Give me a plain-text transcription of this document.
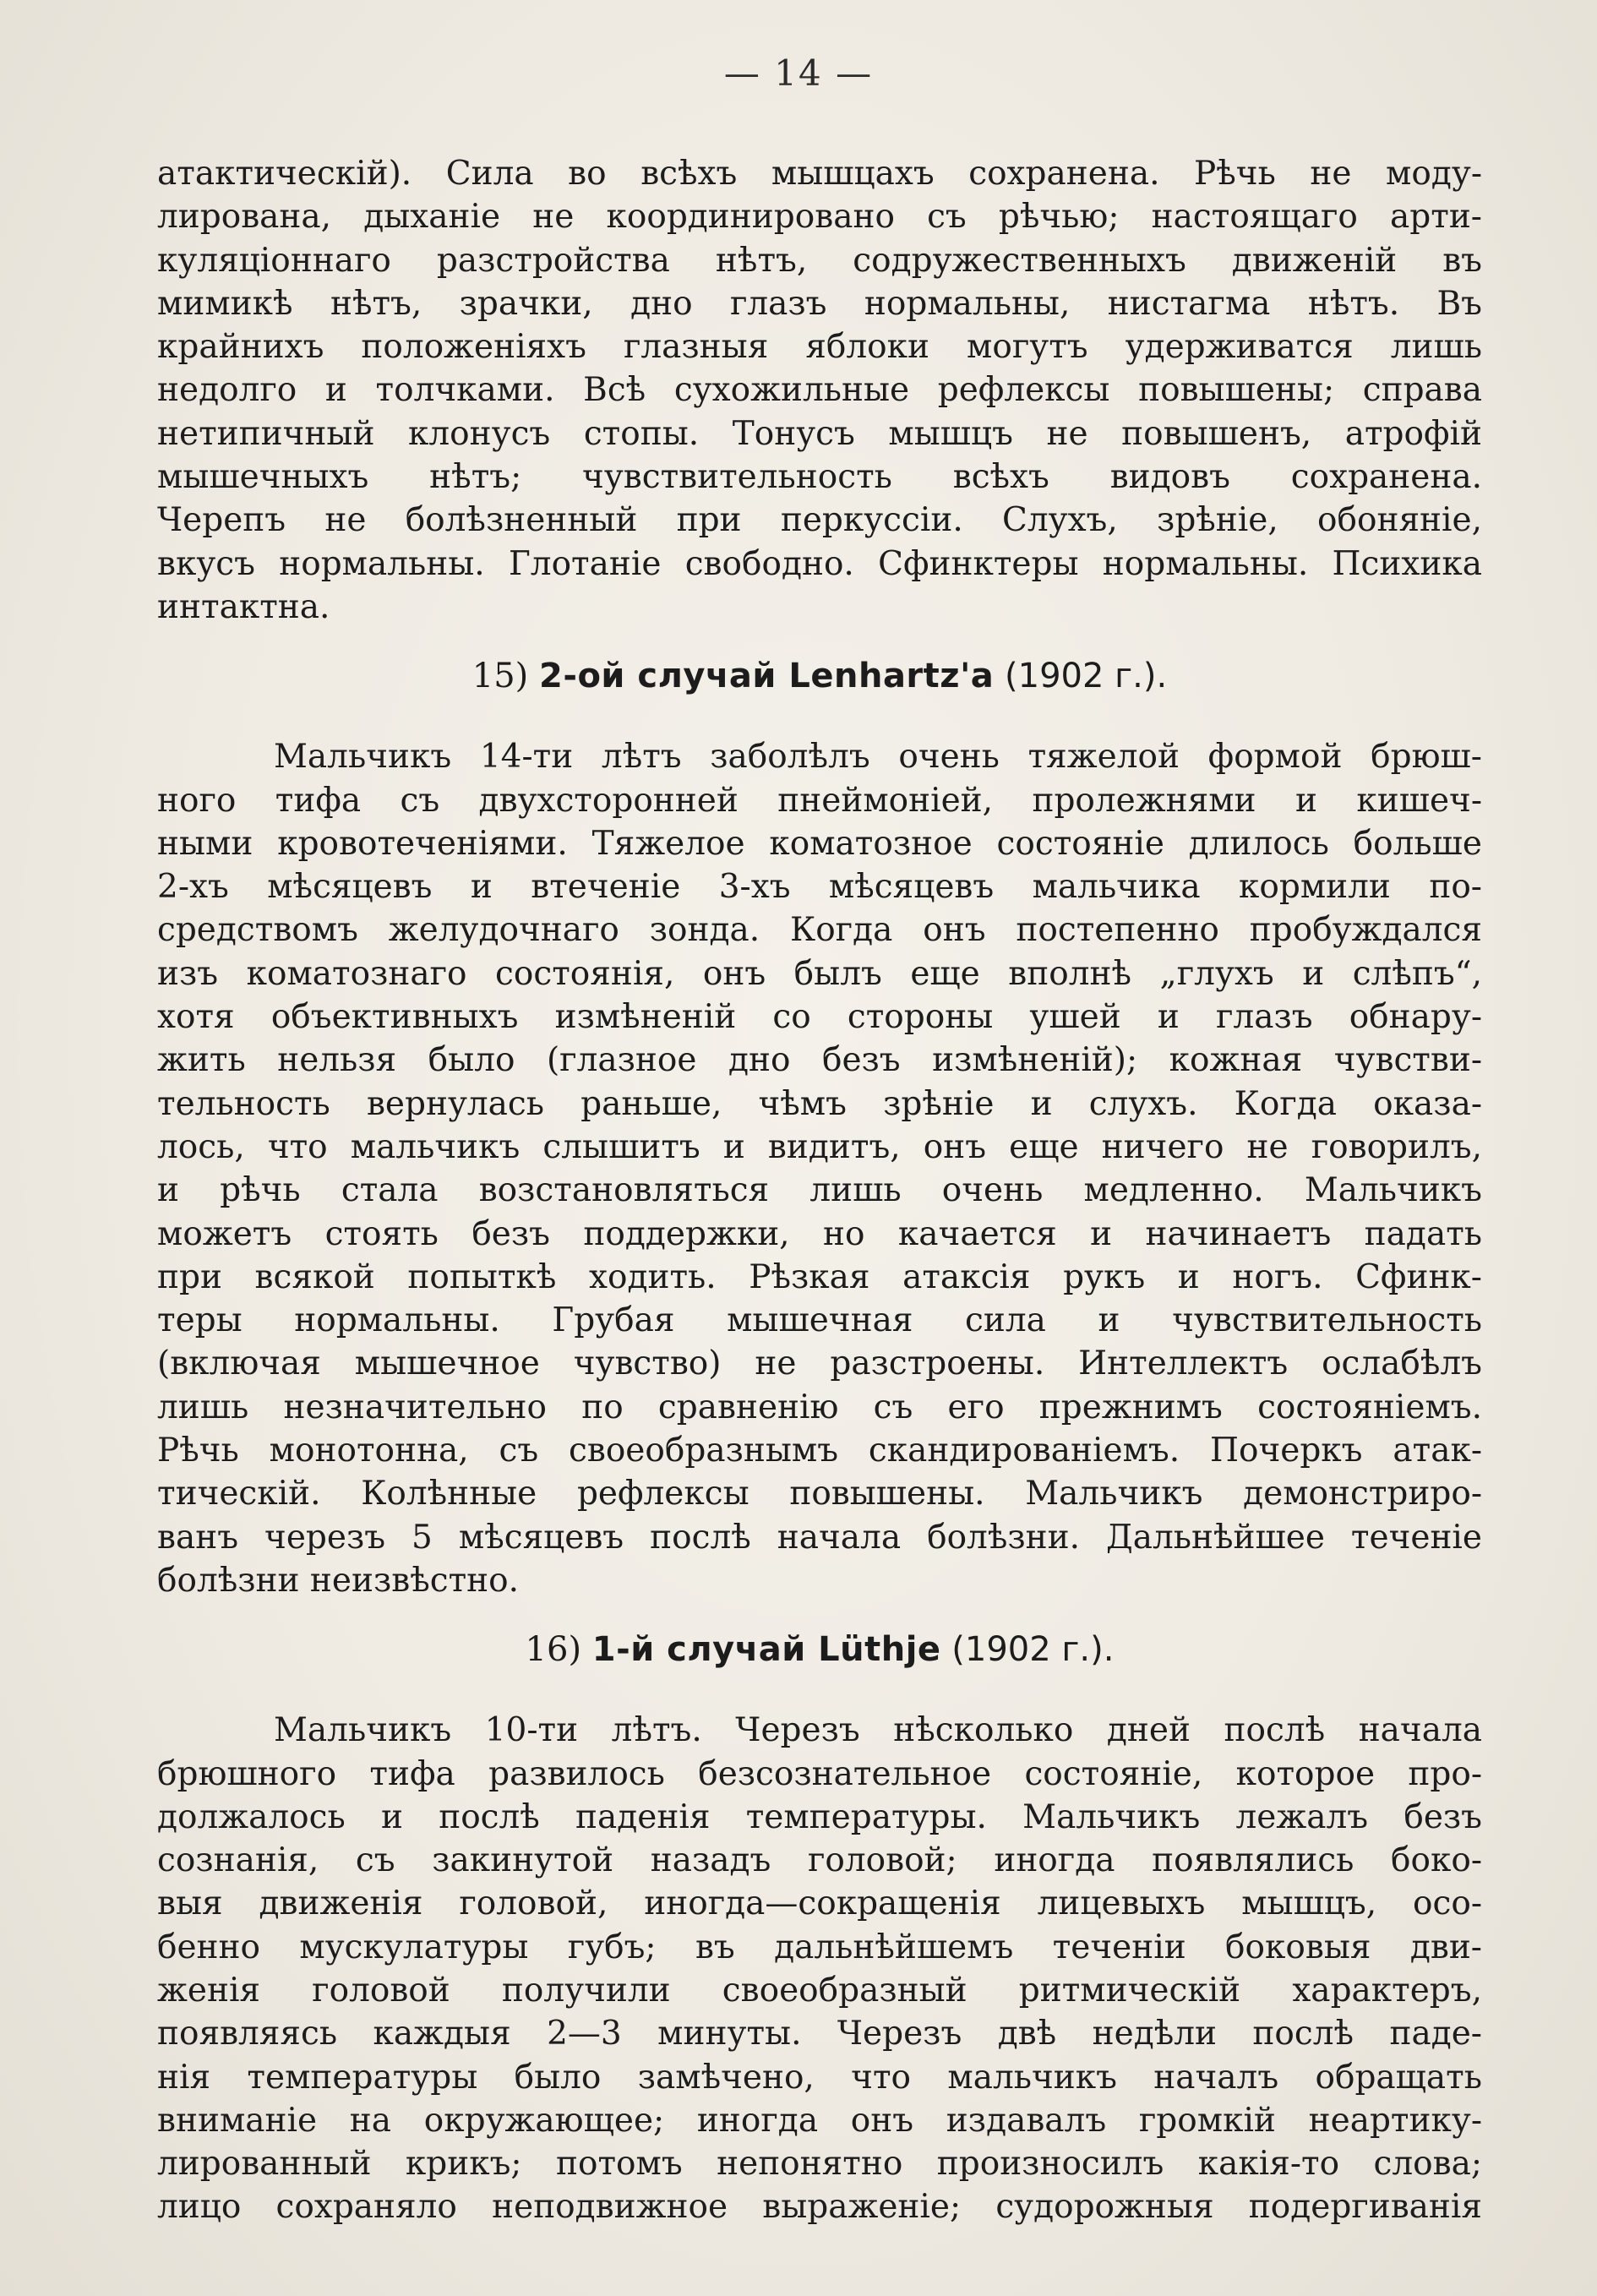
— 14 —
атактическій). Сила во всѣхъ мышцахъ сохранена. Рѣчь не моду-
лирована, дыханіе не координировано съ рѣчью; настоящаго арти-
куляціоннаго разстройства нѣтъ, содружественныхъ движеній въ
мимикѣ нѣтъ, зрачки, дно глазъ нормальны, нистагма нѣтъ. Въ
крайнихъ положеніяхъ глазныя яблоки могутъ удерживатся лишь
недолго и толчками. Всѣ сухожильные рефлексы повышены; справа
нетипичный клонусъ стопы. Тонусъ мышцъ не повышенъ, атрофій
мышечныхъ нѣтъ; чувствительность всѣхъ видовъ сохранена.
Черепъ не болѣзненный при перкуссіи. Слухъ, зрѣніе, обоняніе,
вкусъ нормальны. Глотаніе свободно. Сфинктеры нормальны. Психика
интактна.
15) 2-ой случай Lenhartz'a (1902 г.).
Мальчикъ 14-ти лѣтъ заболѣлъ очень тяжелой формой брюш-
ного тифа съ двухсторонней пнеймоніей, пролежнями и кишеч-
ными кровотеченіями. Тяжелое коматозное состояніе длилось больше
2-хъ мѣсяцевъ и втеченіе 3-хъ мѣсяцевъ мальчика кормили по-
средствомъ желудочнаго зонда. Когда онъ постепенно пробуждался
изъ коматознаго состоянія, онъ былъ еще вполнѣ „глухъ и слѣпъ“,
хотя объективныхъ измѣненій со стороны ушей и глазъ обнару-
жить нельзя было (глазное дно безъ измѣненій); кожная чувстви-
тельность вернулась раньше, чѣмъ зрѣніе и слухъ. Когда оказа-
лось, что мальчикъ слышитъ и видитъ, онъ еще ничего не говорилъ,
и рѣчь стала возстановляться лишь очень медленно. Мальчикъ
можетъ стоять безъ поддержки, но качается и начинаетъ падать
при всякой попыткѣ ходить. Рѣзкая атаксія рукъ и ногъ. Сфинк-
теры нормальны. Грубая мышечная сила и чувствительность
(включая мышечное чувство) не разстроены. Интеллектъ ослабѣлъ
лишь незначительно по сравненію съ его прежнимъ состояніемъ.
Рѣчь монотонна, съ своеобразнымъ скандированіемъ. Почеркъ атак-
тическій. Колѣнные рефлексы повышены. Мальчикъ демонстриро-
ванъ черезъ 5 мѣсяцевъ послѣ начала болѣзни. Дальнѣйшее теченіе
болѣзни неизвѣстно.
16) 1-й случай Lüthje (1902 г.).
Мальчикъ 10-ти лѣтъ. Черезъ нѣсколько дней послѣ начала
брюшного тифа развилось безсознательное состояніе, которое про-
должалось и послѣ паденія температуры. Мальчикъ лежалъ безъ
сознанія, съ закинутой назадъ головой; иногда появлялись боко-
выя движенія головой, иногда—сокращенія лицевыхъ мышцъ, осо-
бенно мускулатуры губъ; въ дальнѣйшемъ теченіи боковыя дви-
женія головой получили своеобразный ритмическій характеръ,
появляясь каждыя 2—3 минуты. Черезъ двѣ недѣли послѣ паде-
нія температуры было замѣчено, что мальчикъ началъ обращать
вниманіе на окружающее; иногда онъ издавалъ громкій неартику-
лированный крикъ; потомъ непонятно произносилъ какія-то слова;
лицо сохраняло неподвижное выраженіе; судорожныя подергиванія
